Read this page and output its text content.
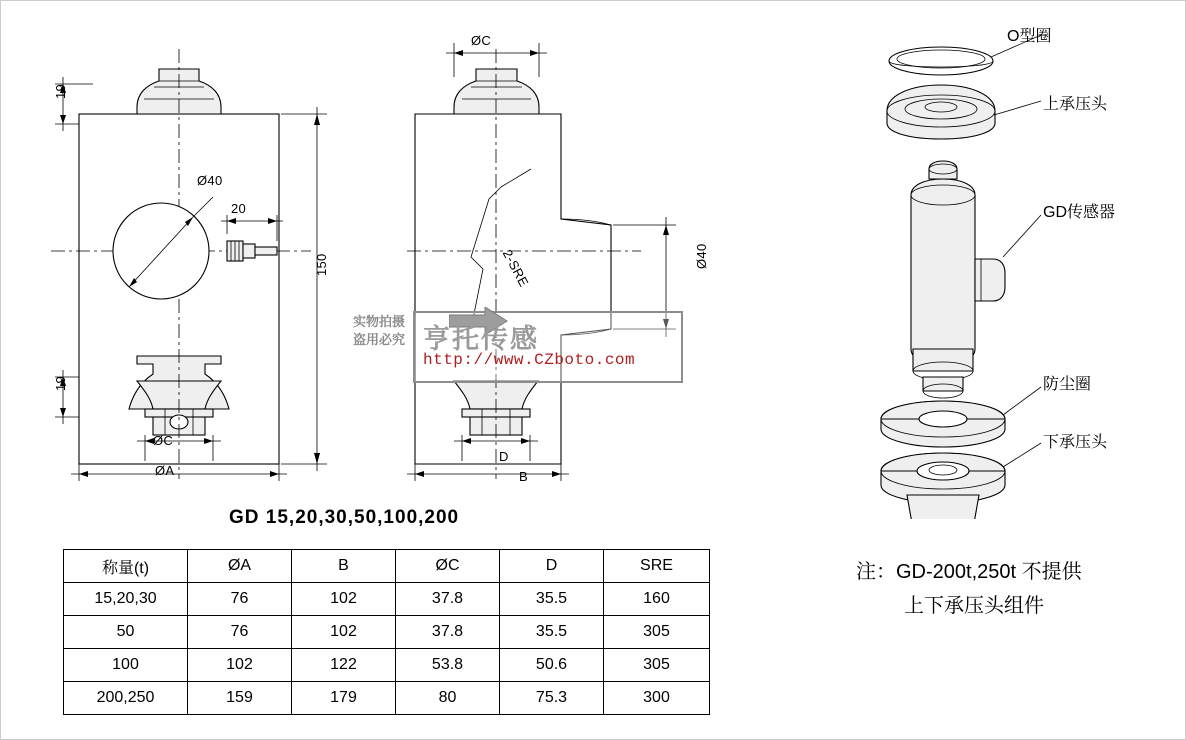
19
19
150
Ø40
20
ØC
ØA
ØC
Ø40
2-SRE
D
B
O型圈
上承压头
GD传感器
防尘圈
下承压头
实物拍摄
盗用必究 亨托传感
http://www.CZboto.com
GD 15,20,30,50,100,200
称量(t)	ØA	B	ØC	D	SRE
15,20,30	76	102	37.8	35.5	160
50	76	102	37.8	35.5	305
100	102	122	53.8	50.6	305
200,250	159	179	80	75.3	300
注：GD-200t,250t 不提供
上下承压头组件
